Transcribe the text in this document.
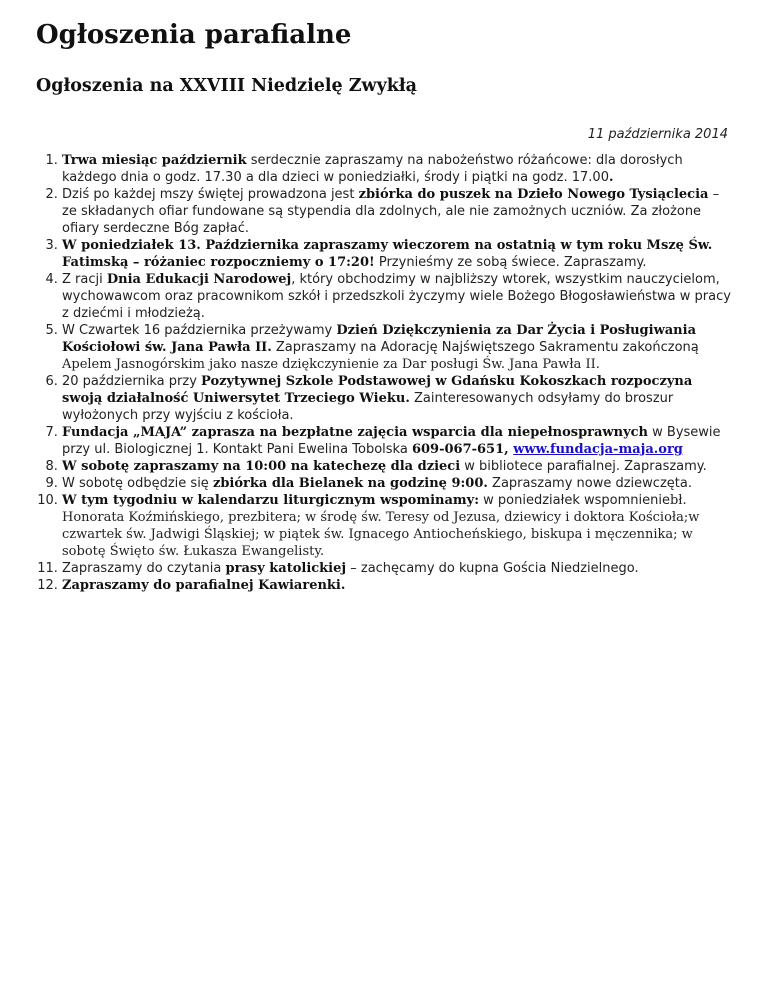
Ogłoszenia parafialne
Ogłoszenia na XXVIII Niedzielę Zwykłą

11 października 2014

1. Trwa miesiąc październik serdecznie zapraszamy na nabożeństwo różańcowe: dla dorosłych każdego dnia o godz. 17.30 a dla dzieci w poniedziałki, środy i piątki na godz. 17.00.
2. Dziś po każdej mszy świętej prowadzona jest zbiórka do puszek na Dzieło Nowego Tysiąclecia – ze składanych ofiar fundowane są stypendia dla zdolnych, ale nie zamożnych uczniów. Za złożone ofiary serdeczne Bóg zapłać.
3. W poniedziałek 13. Października zapraszamy wieczorem na ostatnią w tym roku Mszę Św. Fatimską – różaniec rozpoczniemy o 17:20! Przynieśmy ze sobą świece. Zapraszamy.
4. Z racji Dnia Edukacji Narodowej, który obchodzimy w najbliższy wtorek, wszystkim nauczycielom, wychowawcom oraz pracownikom szkół i przedszkoli życzymy wiele Bożego Błogosławieństwa w pracy z dziećmi i młodzieżą.
5. W Czwartek 16 października przeżywamy Dzień Dziękczynienia za Dar Życia i Posługiwania Kościołowi św. Jana Pawła II. Zapraszamy na Adorację Najświętszego Sakramentu zakończoną Apelem Jasnogórskim jako nasze dziękczynienie za Dar posługi Św. Jana Pawła II.
6. 20 października przy Pozytywnej Szkole Podstawowej w Gdańsku Kokoszkach rozpoczyna swoją działalność Uniwersytet Trzeciego Wieku. Zainteresowanych odsyłamy do broszur wyłożonych przy wyjściu z kościoła.
7. Fundacja „MAJA” zaprasza na bezpłatne zajęcia wsparcia dla niepełnosprawnych w Bysewie przy ul. Biologicznej 1. Kontakt Pani Ewelina Tobolska 609-067-651, www.fundacja-maja.org
8. W sobotę zapraszamy na 10:00 na katechezę dla dzieci w bibliotece parafialnej. Zapraszamy.
9. W sobotę odbędzie się zbiórka dla Bielanek na godzinę 9:00. Zapraszamy nowe dziewczęta.
10. W tym tygodniu w kalendarzu liturgicznym wspominamy: w poniedziałek wspomnieniebł. Honorata Koźmińskiego, prezbitera; w środę św. Teresy od Jezusa, dziewicy i doktora Kościoła;w czwartek św. Jadwigi Śląskiej; w piątek św. Ignacego Antiocheńskiego, biskupa i męczennika; w sobotę Święto św. Łukasza Ewangelisty.
11. Zapraszamy do czytania prasy katolickiej – zachęcamy do kupna Gościa Niedzielnego.
12. Zapraszamy do parafialnej Kawiarenki.
